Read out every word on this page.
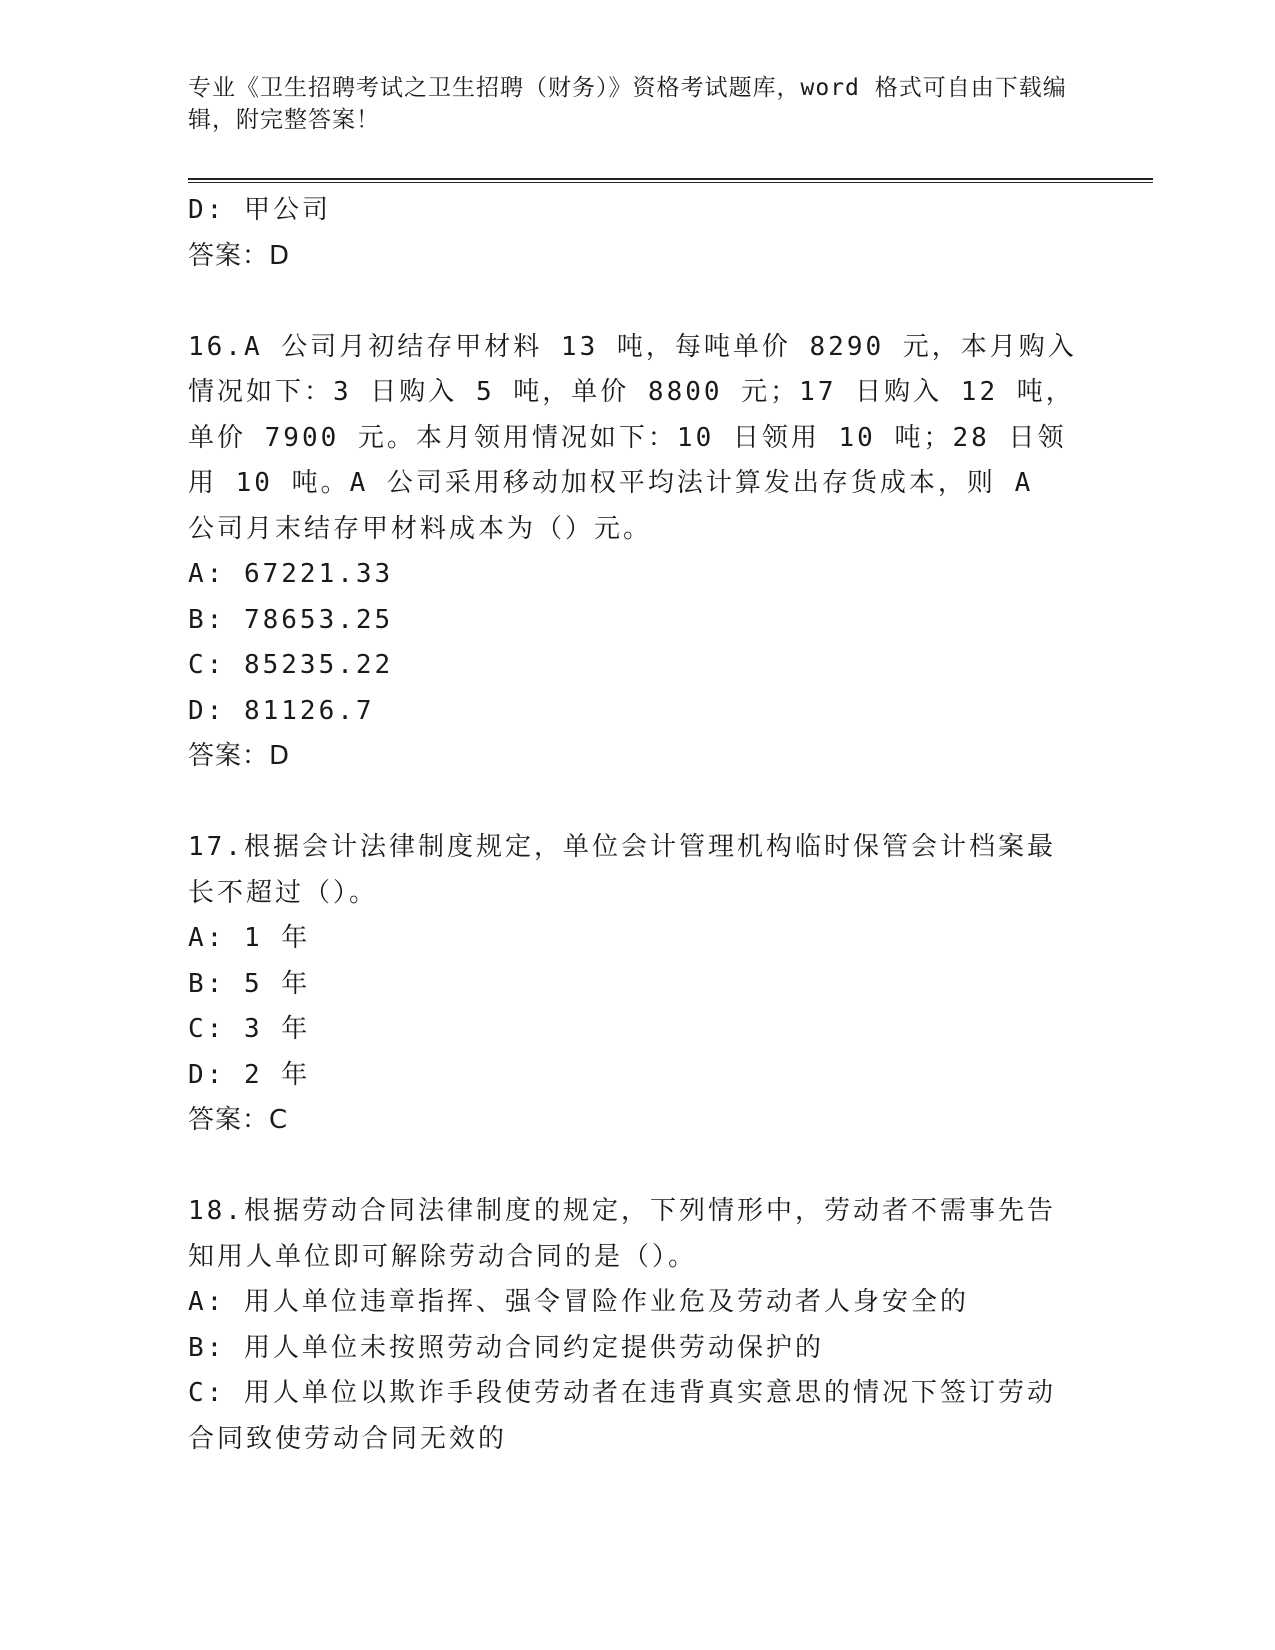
专业《卫生招聘考试之卫生招聘（财务）》资格考试题库，word 格式可自由下载编辑，附完整答案！
D: 甲公司
答案：D
16.A 公司月初结存甲材料 13 吨，每吨单价 8290 元，本月购入情况如下：3 日购入 5 吨，单价 8800 元；17 日购入 12 吨，单价 7900 元。本月领用情况如下：10 日领用 10 吨；28 日领用 10 吨。A 公司采用移动加权平均法计算发出存货成本，则 A 公司月末结存甲材料成本为（）元。
A: 67221.33
B: 78653.25
C: 85235.22
D: 81126.7
答案：D
17.根据会计法律制度规定，单位会计管理机构临时保管会计档案最长不超过（）。
A: 1 年
B: 5 年
C: 3 年
D: 2 年
答案：C
18.根据劳动合同法律制度的规定，下列情形中，劳动者不需事先告知用人单位即可解除劳动合同的是（）。
A: 用人单位违章指挥、强令冒险作业危及劳动者人身安全的
B: 用人单位未按照劳动合同约定提供劳动保护的
C: 用人单位以欺诈手段使劳动者在违背真实意思的情况下签订劳动合同致使劳动合同无效的
